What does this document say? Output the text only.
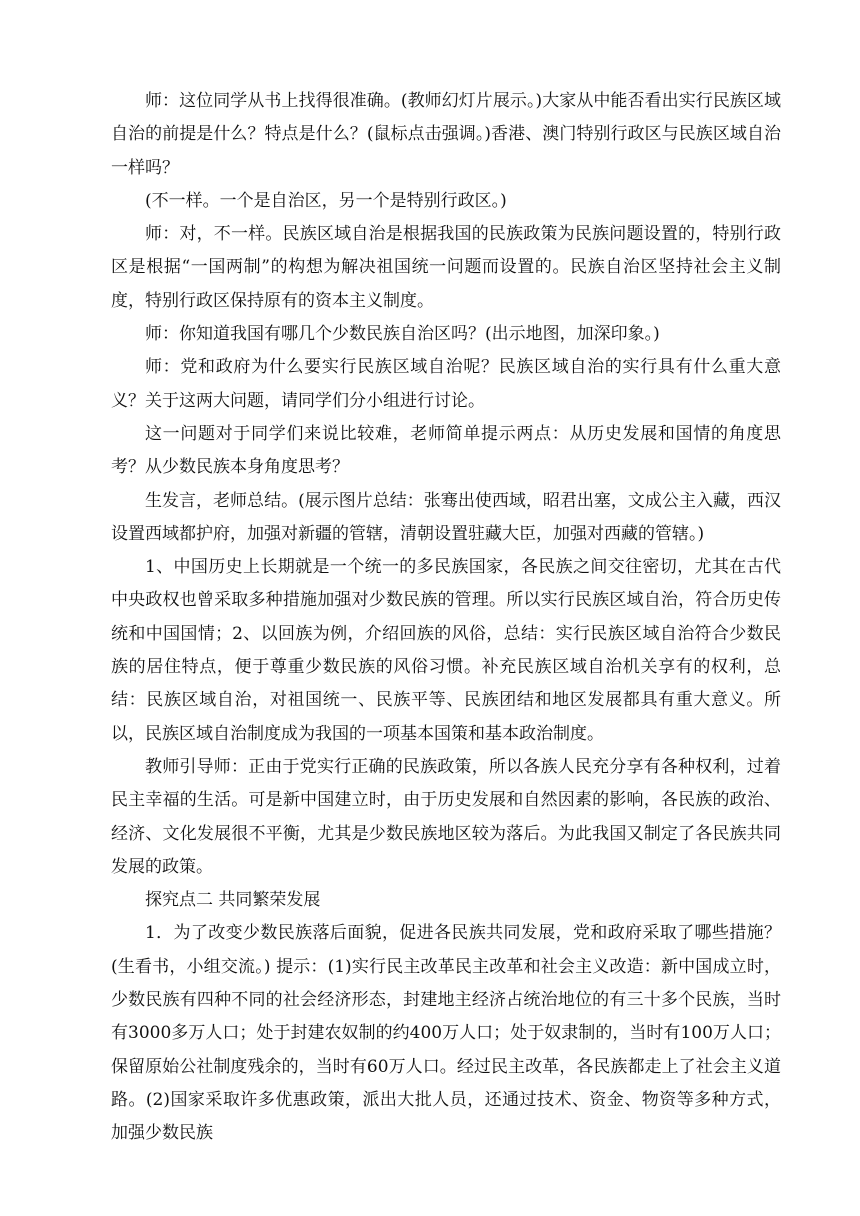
师：这位同学从书上找得很准确。(教师幻灯片展示。)大家从中能否看出实行民族区域自治的前提是什么？特点是什么？(鼠标点击强调。)香港、澳门特别行政区与民族区域自治一样吗？

(不一样。一个是自治区，另一个是特别行政区。)

师：对，不一样。民族区域自治是根据我国的民族政策为民族问题设置的，特别行政区是根据“一国两制”的构想为解决祖国统一问题而设置的。民族自治区坚持社会主义制度，特别行政区保持原有的资本主义制度。

师：你知道我国有哪几个少数民族自治区吗？(出示地图，加深印象。)

师：党和政府为什么要实行民族区域自治呢？民族区域自治的实行具有什么重大意义？关于这两大问题，请同学们分小组进行讨论。

这一问题对于同学们来说比较难，老师简单提示两点：从历史发展和国情的角度思考？从少数民族本身角度思考？

生发言，老师总结。(展示图片总结：张骞出使西域，昭君出塞，文成公主入藏，西汉设置西域都护府，加强对新疆的管辖，清朝设置驻藏大臣，加强对西藏的管辖。)

1、中国历史上长期就是一个统一的多民族国家，各民族之间交往密切，尤其在古代中央政权也曾采取多种措施加强对少数民族的管理。所以实行民族区域自治，符合历史传统和中国国情；2、以回族为例，介绍回族的风俗，总结：实行民族区域自治符合少数民族的居住特点，便于尊重少数民族的风俗习惯。补充民族区域自治机关享有的权利，总结：民族区域自治，对祖国统一、民族平等、民族团结和地区发展都具有重大意义。所以，民族区域自治制度成为我国的一项基本国策和基本政治制度。

教师引导师：正由于党实行正确的民族政策，所以各族人民充分享有各种权利，过着民主幸福的生活。可是新中国建立时，由于历史发展和自然因素的影响，各民族的政治、经济、文化发展很不平衡，尤其是少数民族地区较为落后。为此我国又制定了各民族共同发展的政策。

探究点二 共同繁荣发展

1．为了改变少数民族落后面貌，促进各民族共同发展，党和政府采取了哪些措施？(生看书，小组交流。) 提示：(1)实行民主改革民主改革和社会主义改造：新中国成立时，少数民族有四种不同的社会经济形态，封建地主经济占统治地位的有三十多个民族，当时有3000多万人口；处于封建农奴制的约400万人口；处于奴隶制的，当时有100万人口；保留原始公社制度残余的，当时有60万人口。经过民主改革，各民族都走上了社会主义道路。(2)国家采取许多优惠政策，派出大批人员，还通过技术、资金、物资等多种方式，加强少数民族
